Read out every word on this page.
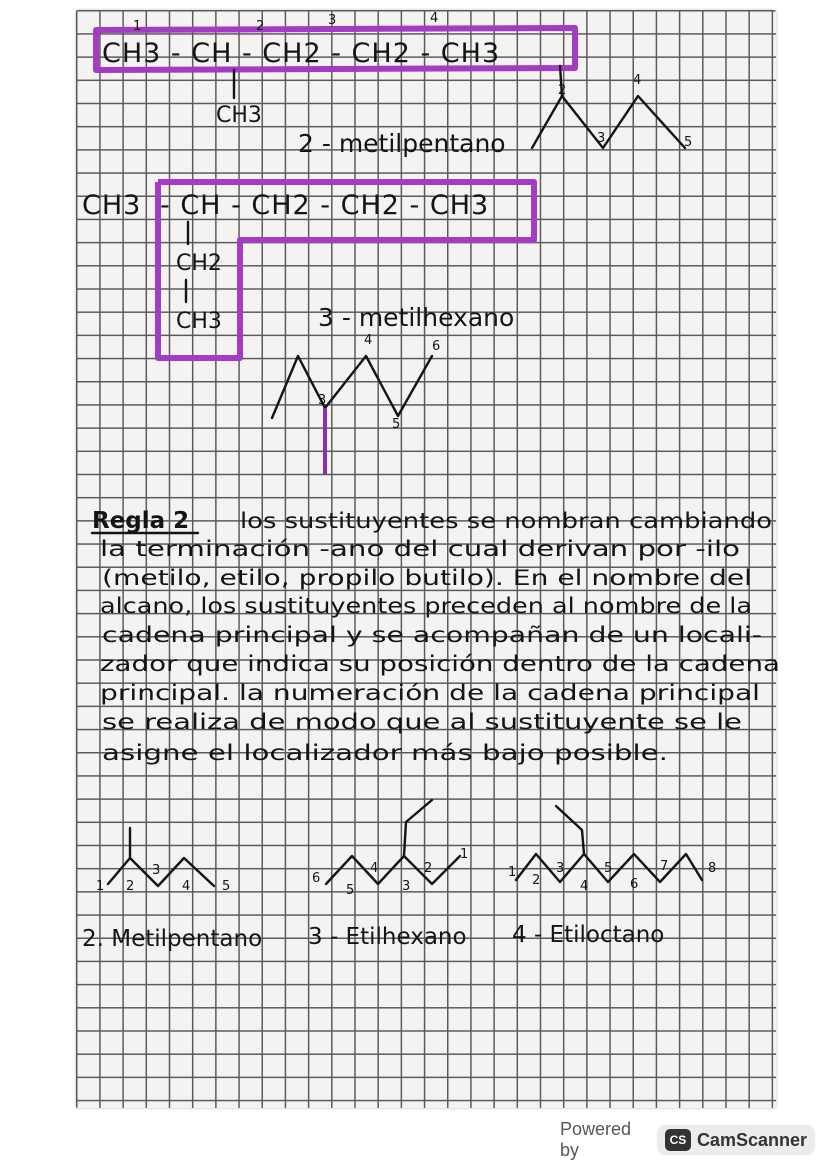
1	2	3	4
CH3 - CH - CH2 - CH2 - CH3
CH3
2 - metilpentano
2
3
4
5
CH3 - CH - CH2 - CH2 - CH3
CH2
CH3	3 - metilhexano
3
4
5
6
Regla 2 los sustituyentes se nombran cambiando
la terminación -ano del cual derivan por -ilo
(metilo, etilo, propilo butilo). En el nombre del
alcano, los sustituyentes preceden al nombre de la
cadena principal y se acompañan de un locali-
zador que indica su posición dentro de la cadena
principal. la numeración de la cadena principal
se realiza de modo que al sustituyente se le
asigne el localizador más bajo posible.
1 2
3
4 5
6
5
4
3
2
1
1
2
3
4
5
6
7	8
2. Metilpentano 3 - Etilhexano 4 - Etiloctano
Powered by	CS CamScanner
